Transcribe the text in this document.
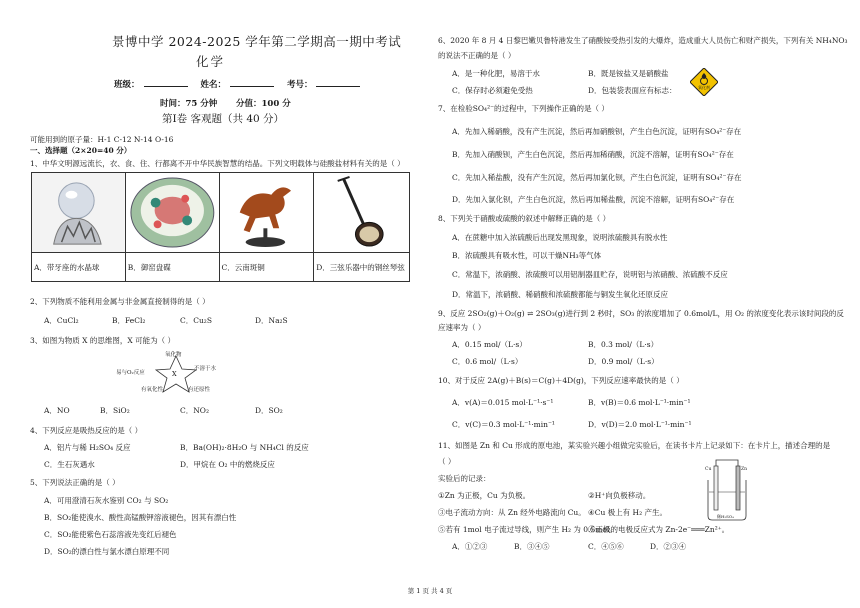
景博中学 2024-2025 学年第二学期高一期中考试
化学
班级：	姓名：	考号：
时间：75 分钟 分值：100 分
第Ⅰ卷 客观题（共 40 分）
可能用到的原子量：H-1 C-12 N-14 O-16
一、选择题（2×20=40 分）
1、中华文明源远流长，衣、食、住、行都离不开中华民族智慧的结晶。下列文明载体与硅酸盐材料有关的是（ ）

A．带牙座的水晶球	B．御窑盘碟	C．云南斑铜	D．三弦乐器中的钢丝琴弦
2、下列物质不能利用金属与非金属直接制得的是（ ）
A．CuCl₂	B．FeCl₂	C．Cu₂S	D．Na₂S
3、如图为物质 X 的思维图，X 可能为（ ）
X
氧化物
不溶于水
易与O₂反应
有氧化性	有还原性
A．NO	B．SiO₂	C．NO₂	D．SO₂
4、下列反应是吸热反应的是（ ）
A．铝片与稀 H₂SO₄ 反应	B．Ba(OH)₂·8H₂O 与 NH₄Cl 的反应
C．生石灰遇水	D．甲烷在 O₂ 中的燃烧反应
5、下列说法正确的是（ ）
A．可用澄清石灰水鉴别 CO₂ 与 SO₂
B．SO₂能使溴水、酸性高锰酸钾溶液褪色，因其有漂白性
C．SO₂能使紫色石蕊溶液先变红后褪色
D．SO₂的漂白性与氯水漂白原理不同
6、2020 年 8 月 4 日黎巴嫩贝鲁特港发生了硝酸铵受热引发的大爆炸，造成重大人员伤亡和财产损失，下列有关 NH₄NO₃
的说法不正确的是（ ）
A．是一种化肥，易溶于水	B．既是铵盐又是硝酸盐
C．保存时必须避免受热	D．包装袋表面应有标志：	氧化剂
7、在检验SO₄²⁻的过程中，下列操作正确的是（ ）
A．先加入稀硝酸，没有产生沉淀，然后再加硝酸钡，产生白色沉淀，证明有SO₄²⁻存在
B．先加入硝酸钡，产生白色沉淀，然后再加稀硝酸，沉淀不溶解，证明有SO₄²⁻存在
C．先加入稀盐酸，没有产生沉淀，然后再加氯化钡，产生白色沉淀，证明有SO₄²⁻存在
D．先加入氯化钡，产生白色沉淀，然后再加稀盐酸，沉淀不溶解，证明有SO₄²⁻存在
8、下列关于硝酸或硫酸的叙述中解释正确的是（ ）
A．在蔗糖中加入浓硫酸后出现发黑现象，说明浓硫酸具有脱水性
B．浓硫酸具有吸水性，可以干燥NH₃等气体
C．常温下，浓硝酸、浓硫酸可以用铝制器皿贮存，说明铝与浓硝酸、浓硫酸不反应
D．常温下，浓硝酸、稀硝酸和浓硫酸都能与铜发生氧化还原反应
9、反应 2SO₂(g)＋O₂(g) ⇌ 2SO₃(g)进行到 2 秒时，SO₃ 的浓度增加了 0.6mol/L，用 O₂ 的浓度变化表示该时间段的反
应速率为（ ）
A．0.15 mol/（L·s）	B．0.3 mol/（L·s）
C．0.6 mol/（L·s）	D．0.9 mol/（L·s）
10、对于反应 2A(g)＋B(s)＝C(g)＋4D(g)，下列反应速率最快的是（ ）
A．v(A)＝0.015 mol·L⁻¹·s⁻¹	B．v(B)＝0.6 mol·L⁻¹·min⁻¹
C．v(C)＝0.3 mol·L⁻¹·min⁻¹	D．v(D)＝2.0 mol·L⁻¹·min⁻¹
11、如图是 Zn 和 Cu 形成的原电池，某实验兴趣小组做完实验后，在读书卡片上记录如下：在卡片上，描述合理的是
（ ）
实验后的记录：
①Zn 为正极，Cu 为负极。	②H⁺向负极移动。
③电子流动方向：从 Zn 经外电路流向 Cu。 ④Cu 极上有 H₂ 产生。
⑤若有 1mol 电子流过导线，则产生 H₂ 为 0.5mol。
⑥正极的电极反应式为 Zn-2e⁻═══Zn²⁺。
A．①②③	B．③④⑤	C．④⑤⑥	D．②③④
Cu	Zn
稀H₂SO₄
第 1 页 共 4 页
